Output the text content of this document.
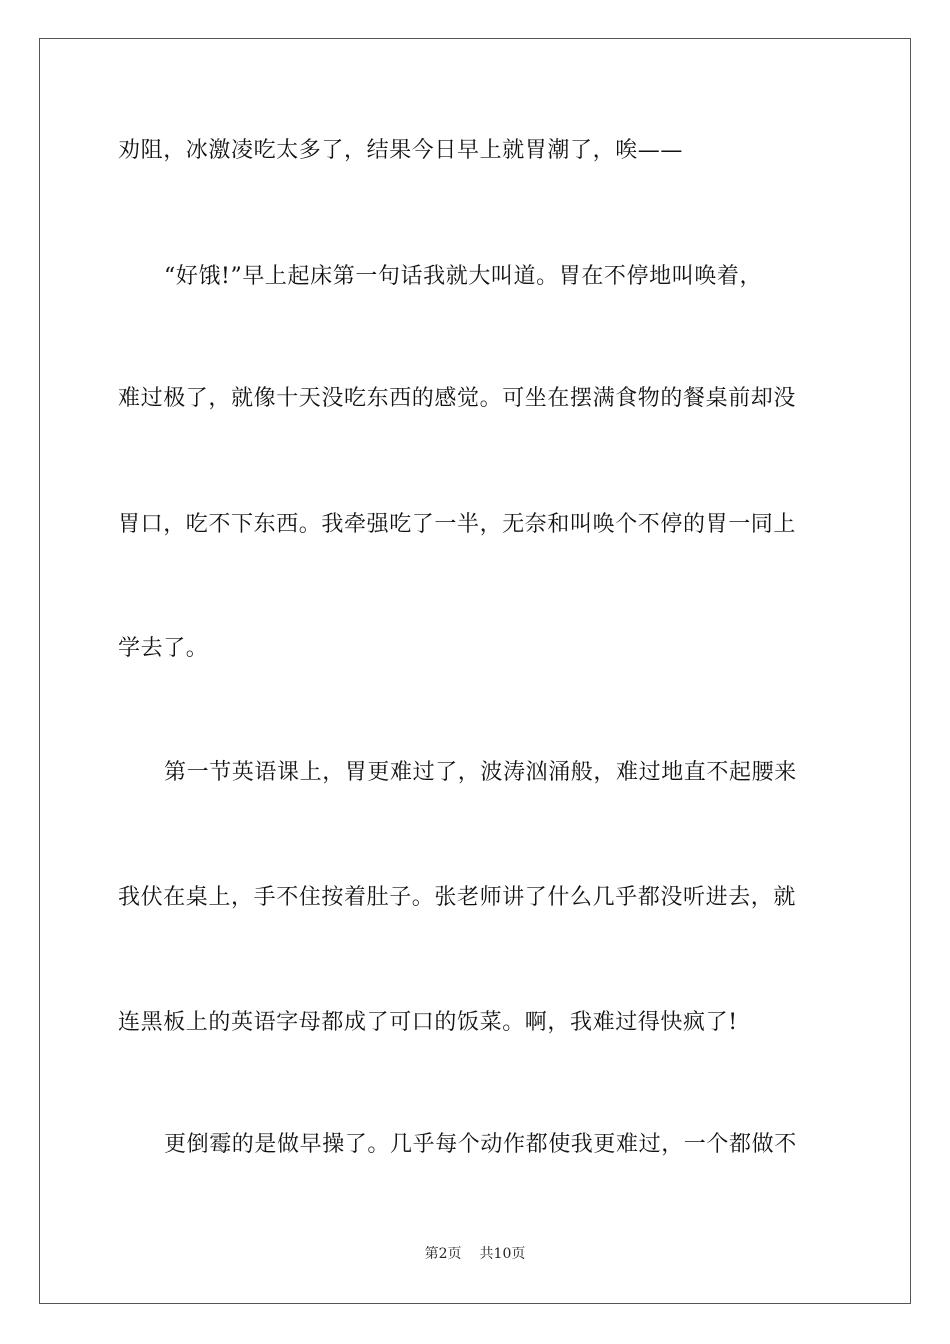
劝阻，冰激凌吃太多了，结果今日早上就胃潮了，唉——
“好饿!”早上起床第一句话我就大叫道。胃在不停地叫唤着，
难过极了，就像十天没吃东西的感觉。可坐在摆满食物的餐桌前却没
胃口，吃不下东西。我牵强吃了一半，无奈和叫唤个不停的胃一同上
学去了。
第一节英语课上，胃更难过了，波涛汹涌般，难过地直不起腰来
我伏在桌上，手不住按着肚子。张老师讲了什么几乎都没听进去，就
连黑板上的英语字母都成了可口的饭菜。啊，我难过得快疯了!
更倒霉的是做早操了。几乎每个动作都使我更难过，一个都做不
第2页 共10页
